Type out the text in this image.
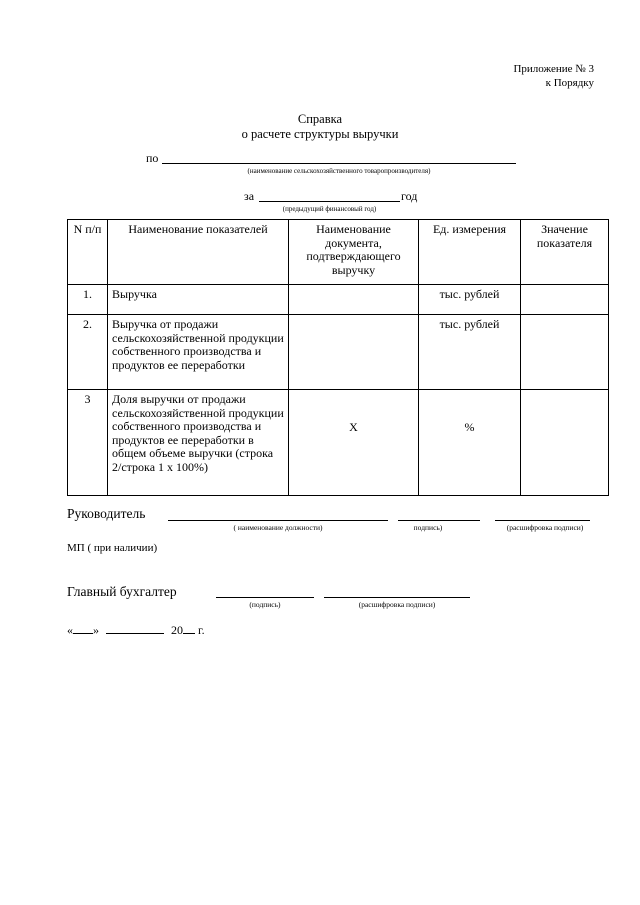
Приложение № 3
к Порядку
Справка
о расчете структуры выручки
по
(наименование сельскохозяйственного товаропроизводителя)
за	год
(предыдущий финансовый год)
N п/п	Наименование показателей	Наименование документа, подтверждающего выручку	Ед. измерения	Значение показателя
1.	Выручка		тыс. рублей	
2.	Выручка от продажи сельскохозяйственной продукции собственного производства и продуктов ее переработки		тыс. рублей	
3	Доля выручки от продажи сельскохозяйственной продукции собственного производства и продуктов ее переработки в общем объеме выручки (строка 2/строка 1 х 100%)	Х	%	
Руководитель
( наименование должности)	подпись)	(расшифровка подписи)
МП ( при наличии)
Главный бухгалтер
(подпись)	(расшифровка подписи)
« »	20 г.
